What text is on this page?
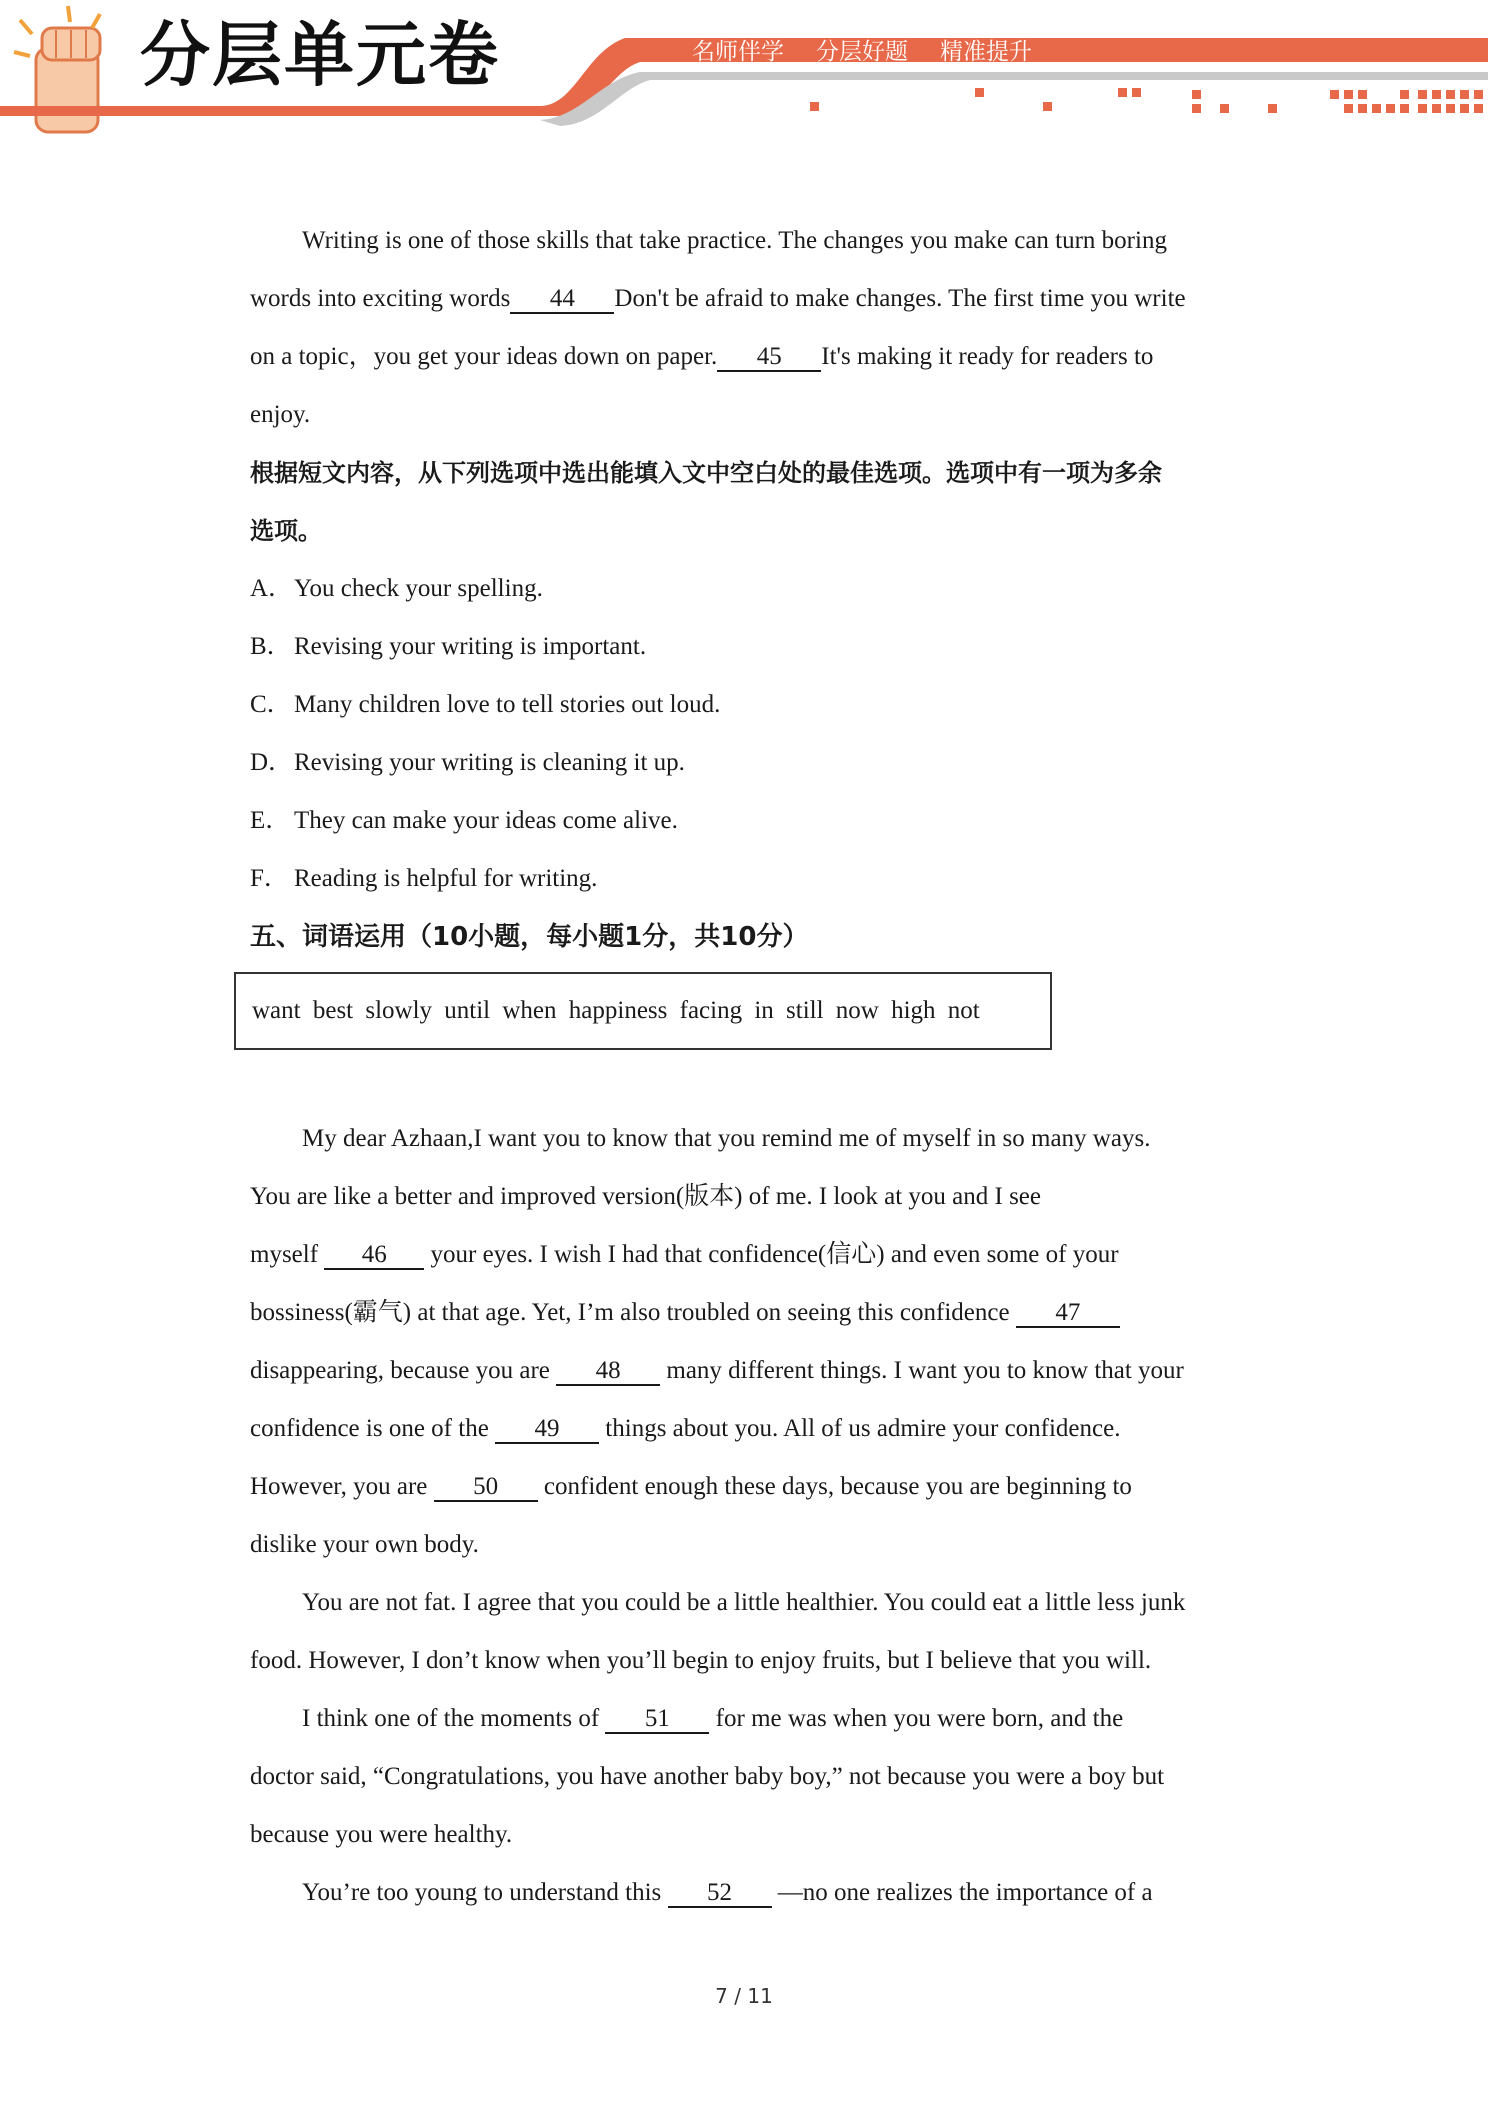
分层单元卷	名师伴学 分层好题 精准提升
Writing is one of those skills that take practice. The changes you make can turn boring
words into exciting words 44 Don't be afraid to make changes. The first time you write
on a topic，you get your ideas down on paper. 45 It's making it ready for readers to
enjoy.
根据短文内容，从下列选项中选出能填入文中空白处的最佳选项。选项中有一项为多余
选项。
A．You check your spelling.
B．Revising your writing is important.
C．Many children love to tell stories out loud.
D．Revising your writing is cleaning it up.
E． They can make your ideas come alive.
F． Reading is helpful for writing.
五、词语运用（10小题，每小题1分，共10分）
want best slowly until when happiness facing in still now high not
My dear Azhaan,I want you to know that you remind me of myself in so many ways.
You are like a better and improved version(版本) of me. I look at you and I see
myself 46 your eyes. I wish I had that confidence(信心) and even some of your
bossiness(霸气) at that age. Yet, I’m also troubled on seeing this confidence 47
disappearing, because you are 48 many different things. I want you to know that your
confidence is one of the 49 things about you. All of us admire your confidence.
However, you are 50 confident enough these days, because you are beginning to
dislike your own body.
You are not fat. I agree that you could be a little healthier. You could eat a little less junk
food. However, I don’t know when you’ll begin to enjoy fruits, but I believe that you will.
I think one of the moments of 51 for me was when you were born, and the
doctor said, “Congratulations, you have another baby boy,” not because you were a boy but
because you were healthy.
You’re too young to understand this 52 —no one realizes the importance of a
7 / 11
